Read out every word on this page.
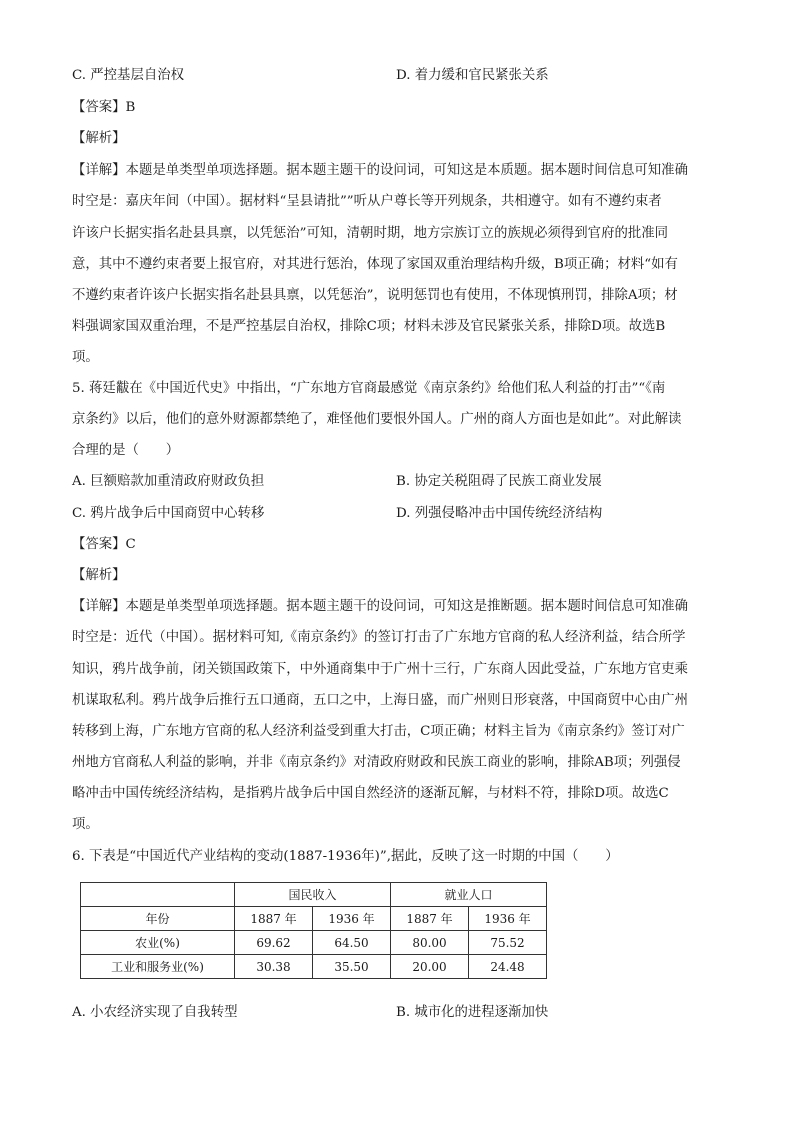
C. 严控基层自治权	D. 着力缓和官民紧张关系
【答案】B
【解析】
【详解】本题是单类型单项选择题。据本题主题干的设问词，可知这是本质题。据本题时间信息可知准确
时空是：嘉庆年间（中国）。据材料“呈县请批””听从户尊长等开列规条，共相遵守。如有不遵约束者
许该户长据实指名赴县具禀，以凭惩治”可知，清朝时期，地方宗族订立的族规必须得到官府的批准同
意，其中不遵约束者要上报官府，对其进行惩治，体现了家国双重治理结构升级，B项正确；材料“如有
不遵约束者许该户长据实指名赴县具禀，以凭惩治”，说明惩罚也有使用，不体现慎刑罚，排除A项；材
料强调家国双重治理，不是严控基层自治权，排除C项；材料未涉及官民紧张关系，排除D项。故选B
项。
5. 蒋廷黻在《中国近代史》中指出，“广东地方官商最感觉《南京条约》给他们私人利益的打击”“《南
京条约》以后，他们的意外财源都禁绝了，难怪他们要恨外国人。广州的商人方面也是如此”。对此解读
合理的是（　　）
A. 巨额赔款加重清政府财政负担	B. 协定关税阻碍了民族工商业发展
C. 鸦片战争后中国商贸中心转移	D. 列强侵略冲击中国传统经济结构
【答案】C
【解析】
【详解】本题是单类型单项选择题。据本题主题干的设问词，可知这是推断题。据本题时间信息可知准确
时空是：近代（中国）。据材料可知,《南京条约》的签订打击了广东地方官商的私人经济利益，结合所学
知识，鸦片战争前，闭关锁国政策下，中外通商集中于广州十三行，广东商人因此受益，广东地方官吏乘
机谋取私利。鸦片战争后推行五口通商，五口之中，上海日盛，而广州则日形衰落，中国商贸中心由广州
转移到上海，广东地方官商的私人经济利益受到重大打击，C项正确；材料主旨为《南京条约》签订对广
州地方官商私人利益的影响，并非《南京条约》对清政府财政和民族工商业的影响，排除AB项；列强侵
略冲击中国传统经济结构，是指鸦片战争后中国自然经济的逐渐瓦解，与材料不符，排除D项。故选C
项。
6. 下表是“中国近代产业结构的变动(1887-1936年)”,据此，反映了这一时期的中国（　　）
	国民收入		就业人口	
年份	1887 年	1936 年	1887 年	1936 年
农业(%)	69.62	64.50	80.00	75.52
工业和服务业(%)	30.38	35.50	20.00	24.48
A. 小农经济实现了自我转型	B. 城市化的进程逐渐加快
